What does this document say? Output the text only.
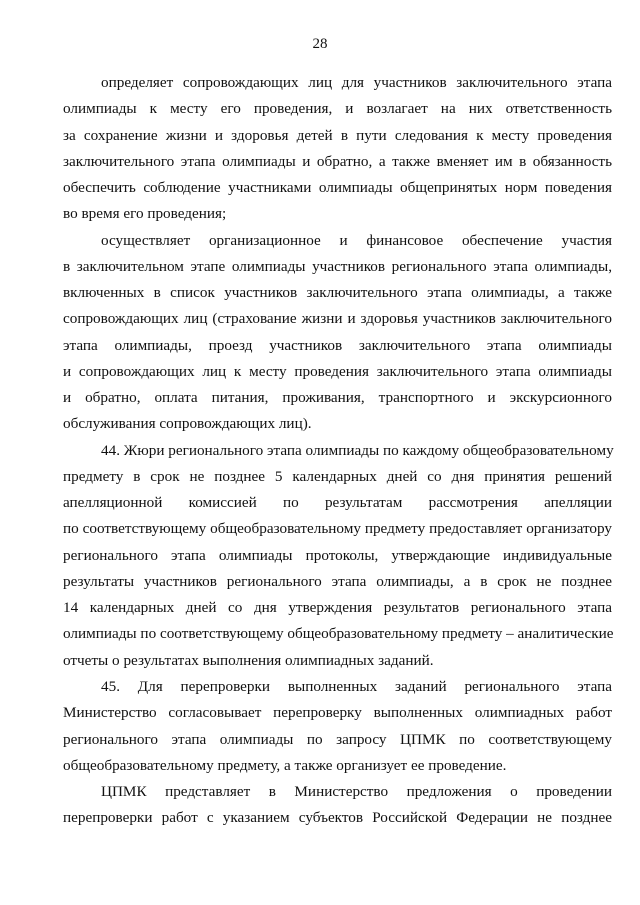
28
определяет сопровождающих лиц для участников заключительного этапа
олимпиады к месту его проведения, и возлагает на них ответственность
за сохранение жизни и здоровья детей в пути следования к месту проведения
заключительного этапа олимпиады и обратно, а также вменяет им в обязанность
обеспечить соблюдение участниками олимпиады общепринятых норм поведения
во время его проведения;
осуществляет организационное и финансовое обеспечение участия
в заключительном этапе олимпиады участников регионального этапа олимпиады,
включенных в список участников заключительного этапа олимпиады, а также
сопровождающих лиц (страхование жизни и здоровья участников заключительного
этапа олимпиады, проезд участников заключительного этапа олимпиады
и сопровождающих лиц к месту проведения заключительного этапа олимпиады
и обратно, оплата питания, проживания, транспортного и экскурсионного
обслуживания сопровождающих лиц).
44. Жюри регионального этапа олимпиады по каждому общеобразовательному
предмету в срок не позднее 5 календарных дней со дня принятия решений
апелляционной комиссией по результатам рассмотрения апелляции
по соответствующему общеобразовательному предмету предоставляет организатору
регионального этапа олимпиады протоколы, утверждающие индивидуальные
результаты участников регионального этапа олимпиады, а в срок не позднее
14 календарных дней со дня утверждения результатов регионального этапа
олимпиады по соответствующему общеобразовательному предмету – аналитические
отчеты о результатах выполнения олимпиадных заданий.
45. Для перепроверки выполненных заданий регионального этапа
Министерство согласовывает перепроверку выполненных олимпиадных работ
регионального этапа олимпиады по запросу ЦПМК по соответствующему
общеобразовательному предмету, а также организует ее проведение.
ЦПМК представляет в Министерство предложения о проведении
перепроверки работ с указанием субъектов Российской Федерации не позднее
